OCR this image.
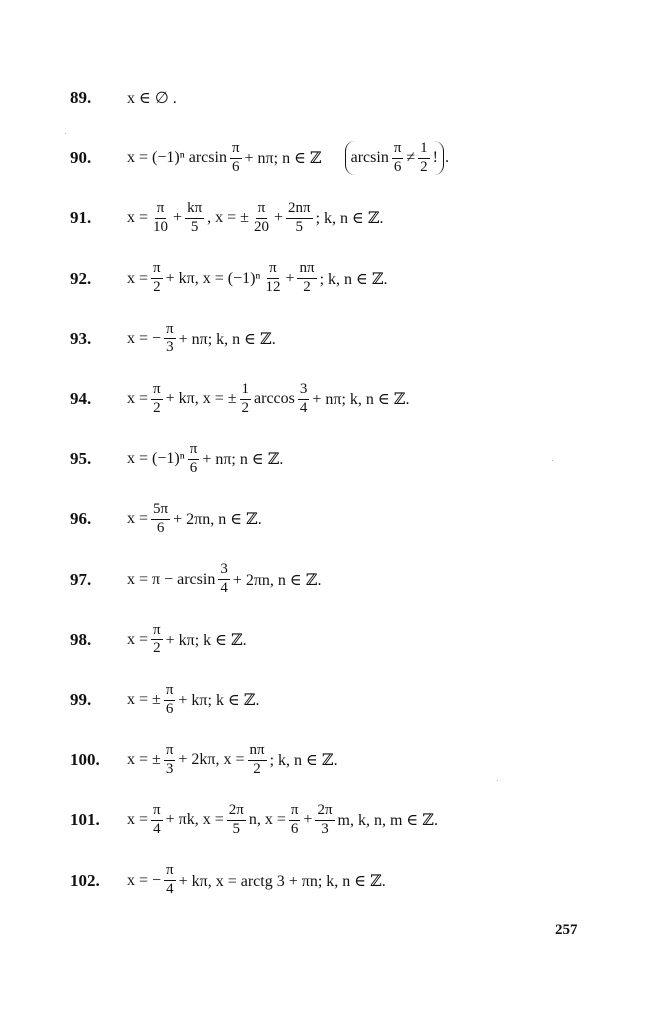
89.	x ∈ ∅ .
90.	x = (−1)ⁿ $\arcsin \frac{\pi}{6} + n\pi$; n ∈ ℤ $\arcsin \frac{\pi}{6} \ne \frac{1}{2}$ ! .
91.	$x = \frac{\pi}{10} + \frac{k\pi}{5}$ , x = ± $\frac{\pi}{20} + \frac{2n\pi}{5}$ ; k, n ∈ ℤ.
92.	$x = \frac{\pi}{2} + k\pi$, $x = (-1)^n \frac{\pi}{12} + \frac{n\pi}{2}$ ; k, n ∈ ℤ.
93.	x = − $\frac{\pi}{3} + n\pi$; k, n ∈ ℤ.
94.	$x = \frac{\pi}{2} + k\pi$, x = ± $\frac{1}{2}$ $\arccos \frac{3}{4} + n\pi$; k, n ∈ ℤ.
95.	$x = (-1)^n \frac{\pi}{6} + n\pi$; n ∈ ℤ.
96.	$x = \frac{5\pi}{6} + 2\pi n$, n ∈ ℤ.
97.	$x = \pi - \arcsin \frac{3}{4} + 2\pi n$, n ∈ ℤ.
98.	$x = \frac{\pi}{2} + k\pi$; k ∈ ℤ.
99.	x = ± $\frac{\pi}{6} + k\pi$; k ∈ ℤ.
100.	x = ± $\frac{\pi}{3} + 2k\pi$, $x = \frac{n\pi}{2}$ ; k, n ∈ ℤ.
101.	$x = \frac{\pi}{4} + \pi k$, $x = \frac{2\pi}{5} n$, $x = \frac{\pi}{6} + \frac{2\pi}{3} m$, k, n, m ∈ ℤ.
102.	x = − $\frac{\pi}{4} + k\pi$, x = arctg 3 + πn; k, n ∈ ℤ.
257
